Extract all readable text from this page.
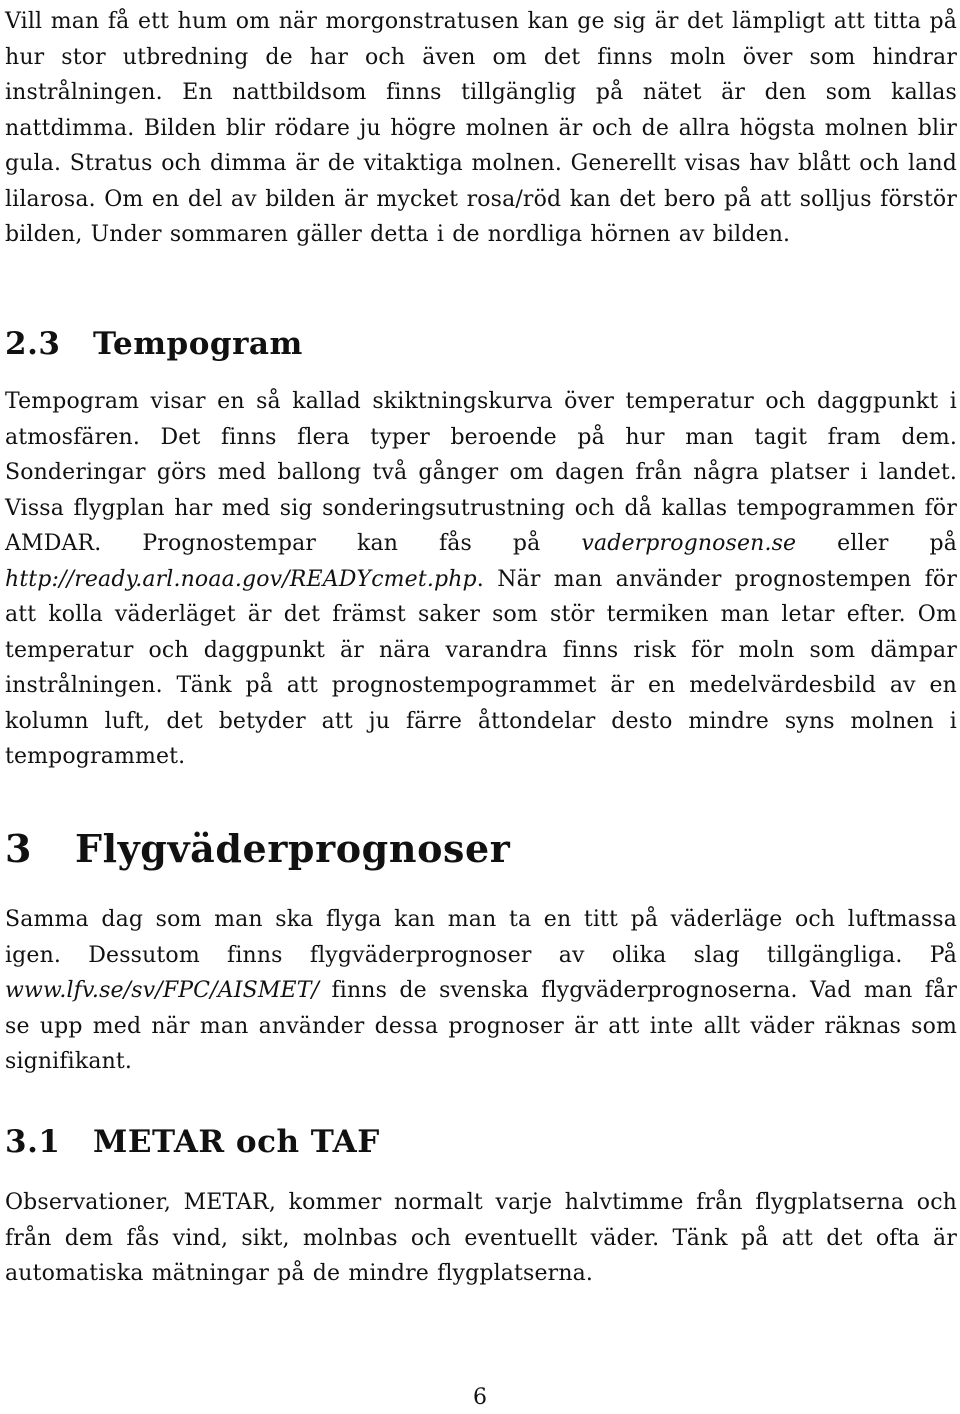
Vill man få ett hum om när morgonstratusen kan ge sig är det lämpligt att titta på hur stor utbredning de har och även om det finns moln över som hindrar instrålningen. En nattbildsom finns tillgänglig på nätet är den som kallas nattdimma. Bilden blir rödare ju högre molnen är och de allra högsta molnen blir gula. Stratus och dimma är de vitaktiga molnen. Generellt visas hav blått och land lilarosa. Om en del av bilden är mycket rosa/röd kan det bero på att solljus förstör bilden, Under sommaren gäller detta i de nordliga hörnen av bilden.

2.3 Tempogram

Tempogram visar en så kallad skiktningskurva över temperatur och daggpunkt i atmosfären. Det finns flera typer beroende på hur man tagit fram dem. Sonderingar görs med ballong två gånger om dagen från några platser i landet. Vissa flygplan har med sig sonderingsutrustning och då kallas tempogrammen för AMDAR. Prognostempar kan fås på vaderprognosen.se eller på http://ready.arl.noaa.gov/READYcmet.php. När man använder prognostempen för att kolla väderläget är det främst saker som stör termiken man letar efter. Om temperatur och daggpunkt är nära varandra finns risk för moln som dämpar instrålningen. Tänk på att prognostempogrammet är en medelvärdesbild av en kolumn luft, det betyder att ju färre åttondelar desto mindre syns molnen i tempogrammet.

3 Flygväderprognoser

Samma dag som man ska flyga kan man ta en titt på väderläge och luftmassa igen. Dessutom finns flygväderprognoser av olika slag tillgängliga. På www.lfv.se/sv/FPC/AISMET/ finns de svenska flygväderprognoserna. Vad man får se upp med när man använder dessa prognoser är att inte allt väder räknas som signifikant.

3.1 METAR och TAF

Observationer, METAR, kommer normalt varje halvtimme från flygplatserna och från dem fås vind, sikt, molnbas och eventuellt väder. Tänk på att det ofta är automatiska mätningar på de mindre flygplatserna.

6
